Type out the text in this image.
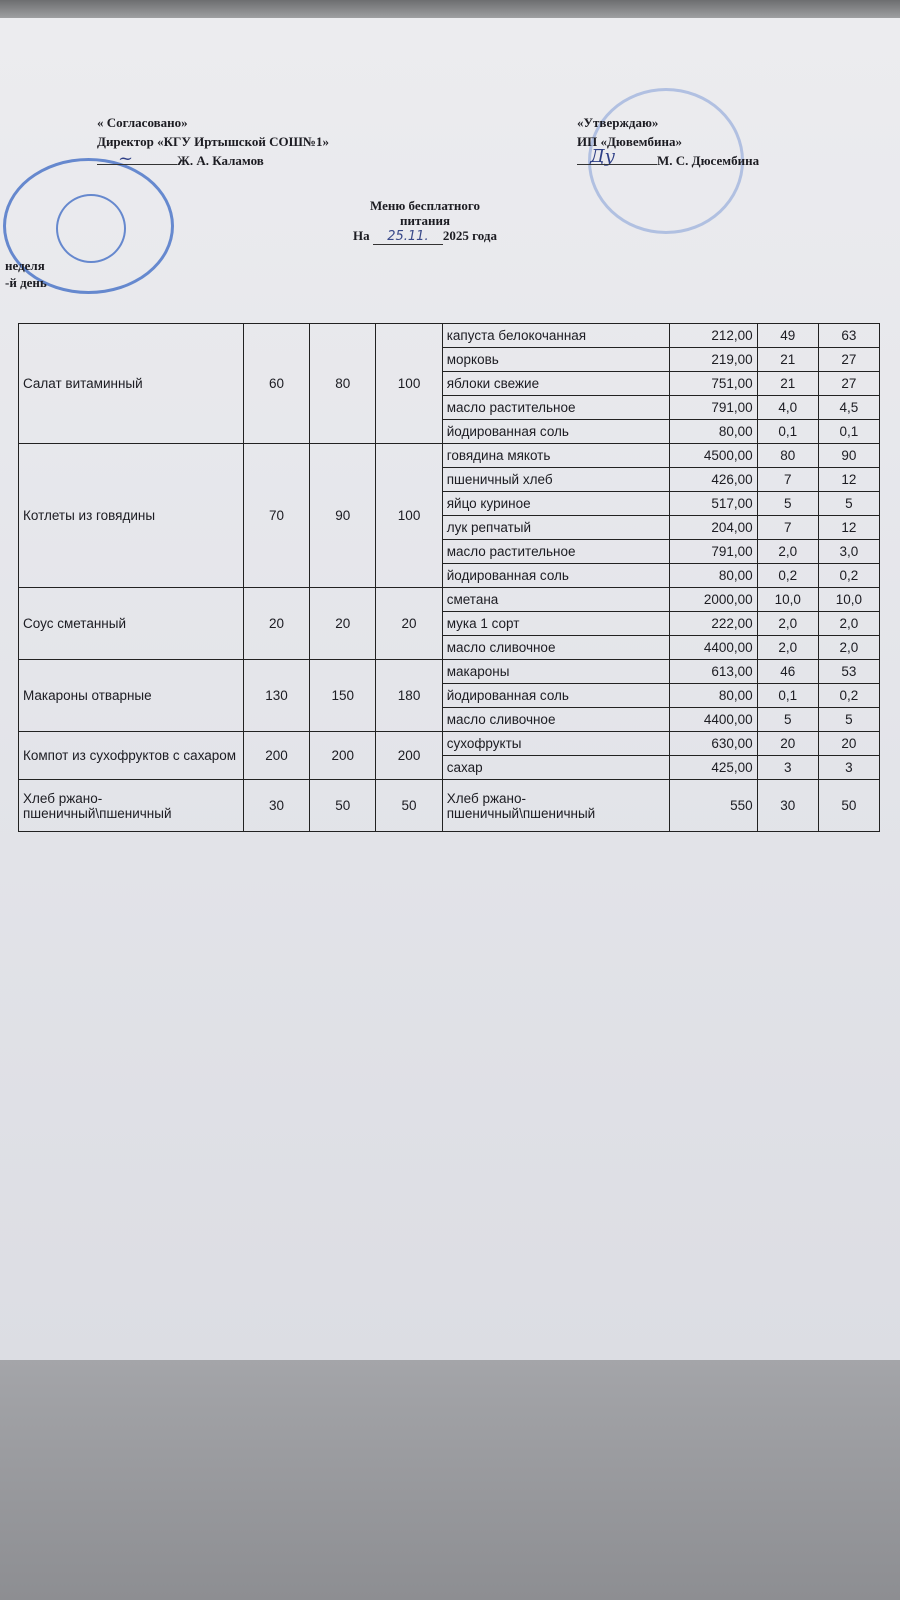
~	Ду
« Согласовано»
Директор «КГУ Иртышской СОШ№1»
Ж. А. Каламов
«Утверждаю»
ИП «Дювембина»
М. С. Дюсембина
Меню бесплатного
питания
На 25.11. 2025 года
неделя
-й день
Салат витаминный	60	80	100	капуста белокочанная	212,00	49	63
				морковь	219,00	21	27
				яблоки свежие	751,00	21	27
				масло растительное	791,00	4,0	4,5
				йодированная соль	80,00	0,1	0,1
Котлеты из говядины	70	90	100	говядина мякоть	4500,00	80	90
				пшеничный хлеб	426,00	7	12
				яйцо куриное	517,00	5	5
				лук репчатый	204,00	7	12
				масло растительное	791,00	2,0	3,0
				йодированная соль	80,00	0,2	0,2
Соус сметанный	20	20	20	сметана	2000,00	10,0	10,0
				мука 1 сорт	222,00	2,0	2,0
				масло сливочное	4400,00	2,0	2,0
Макароны отварные	130	150	180	макароны	613,00	46	53
				йодированная соль	80,00	0,1	0,2
				масло сливочное	4400,00	5	5
Компот из сухофруктов с сахаром	200	200	200	сухофрукты	630,00	20	20
				сахар	425,00	3	3
Хлеб ржано-пшеничный\пшеничный	30	50	50	Хлеб ржано-пшеничный\пшеничный	550	30	50
